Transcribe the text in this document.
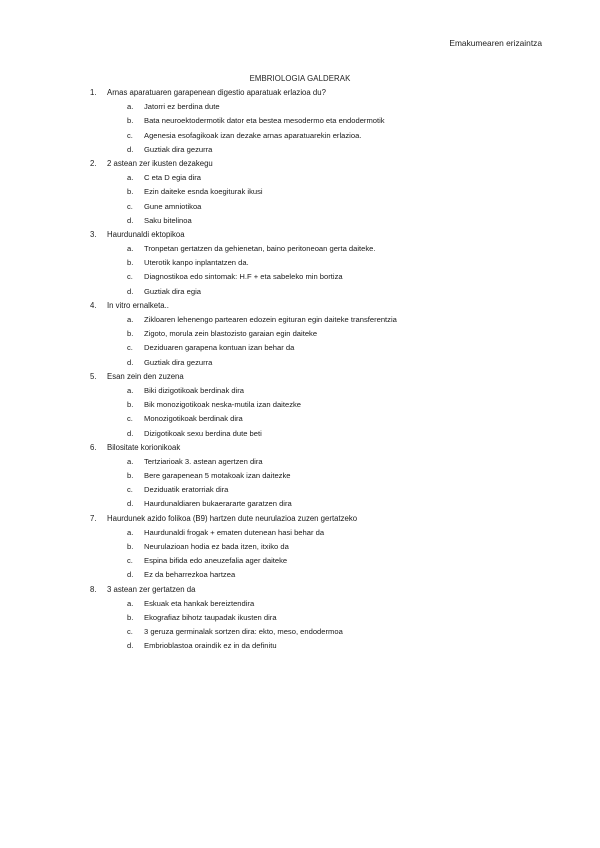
Emakumearen erizaintza
EMBRIOLOGIA GALDERAK
1. Arnas aparatuaren garapenean digestio aparatuak erlazioa du?
a. Jatorri ez berdina dute
b. Bata neuroektodermotik dator eta bestea mesodermo eta endodermotik
c. Agenesia esofagikoak izan dezake arnas aparatuarekin erlazioa.
d. Guztiak dira gezurra
2. 2 astean zer ikusten dezakegu
a. C eta D egia dira
b. Ezin daiteke esnda koegiturak ikusi
c. Gune amniotikoa
d. Saku bitelinoa
3. Haurdunaldi ektopikoa
a. Tronpetan gertatzen da gehienetan, baino peritoneoan gerta daiteke.
b. Uterotik kanpo inplantatzen da.
c. Diagnostikoa edo sintomak: H.F + eta sabeleko min bortiza
d. Guztiak dira egia
4. In vitro ernalketa..
a. Zikloaren lehenengo partearen edozein egituran egin daiteke transferentzia
b. Zigoto, morula zein blastozisto garaian egin daiteke
c. Deziduaren garapena kontuan izan behar da
d. Guztiak dira gezurra
5. Esan zein den zuzena
a. Biki dizigotikoak berdinak dira
b. Bik monozigotikoak neska-mutila izan daitezke
c. Monozigotikoak berdinak dira
d. Dizigotikoak sexu berdina dute beti
6. Bilositate korionikoak
a. Tertziarioak 3. astean agertzen dira
b. Bere garapenean 5 motakoak izan daitezke
c. Deziduatik eratorriak dira
d. Haurdunaldiaren bukaerararte garatzen dira
7. Haurdunek azido folikoa (B9) hartzen dute neurulazioa zuzen gertatzeko
a. Haurdunaldi frogak + ematen dutenean hasi behar da
b. Neurulazioan hodia ez bada itzen, itxiko da
c. Espina bifida edo aneuzefalia ager daiteke
d. Ez da beharrezkoa hartzea
8. 3 astean zer gertatzen da
a. Eskuak eta hankak bereiztendira
b. Ekografiaz bihotz taupadak ikusten dira
c. 3 geruza germinalak sortzen dira: ekto, meso, endodermoa
d. Embrioblastoa oraindik ez in da definitu
